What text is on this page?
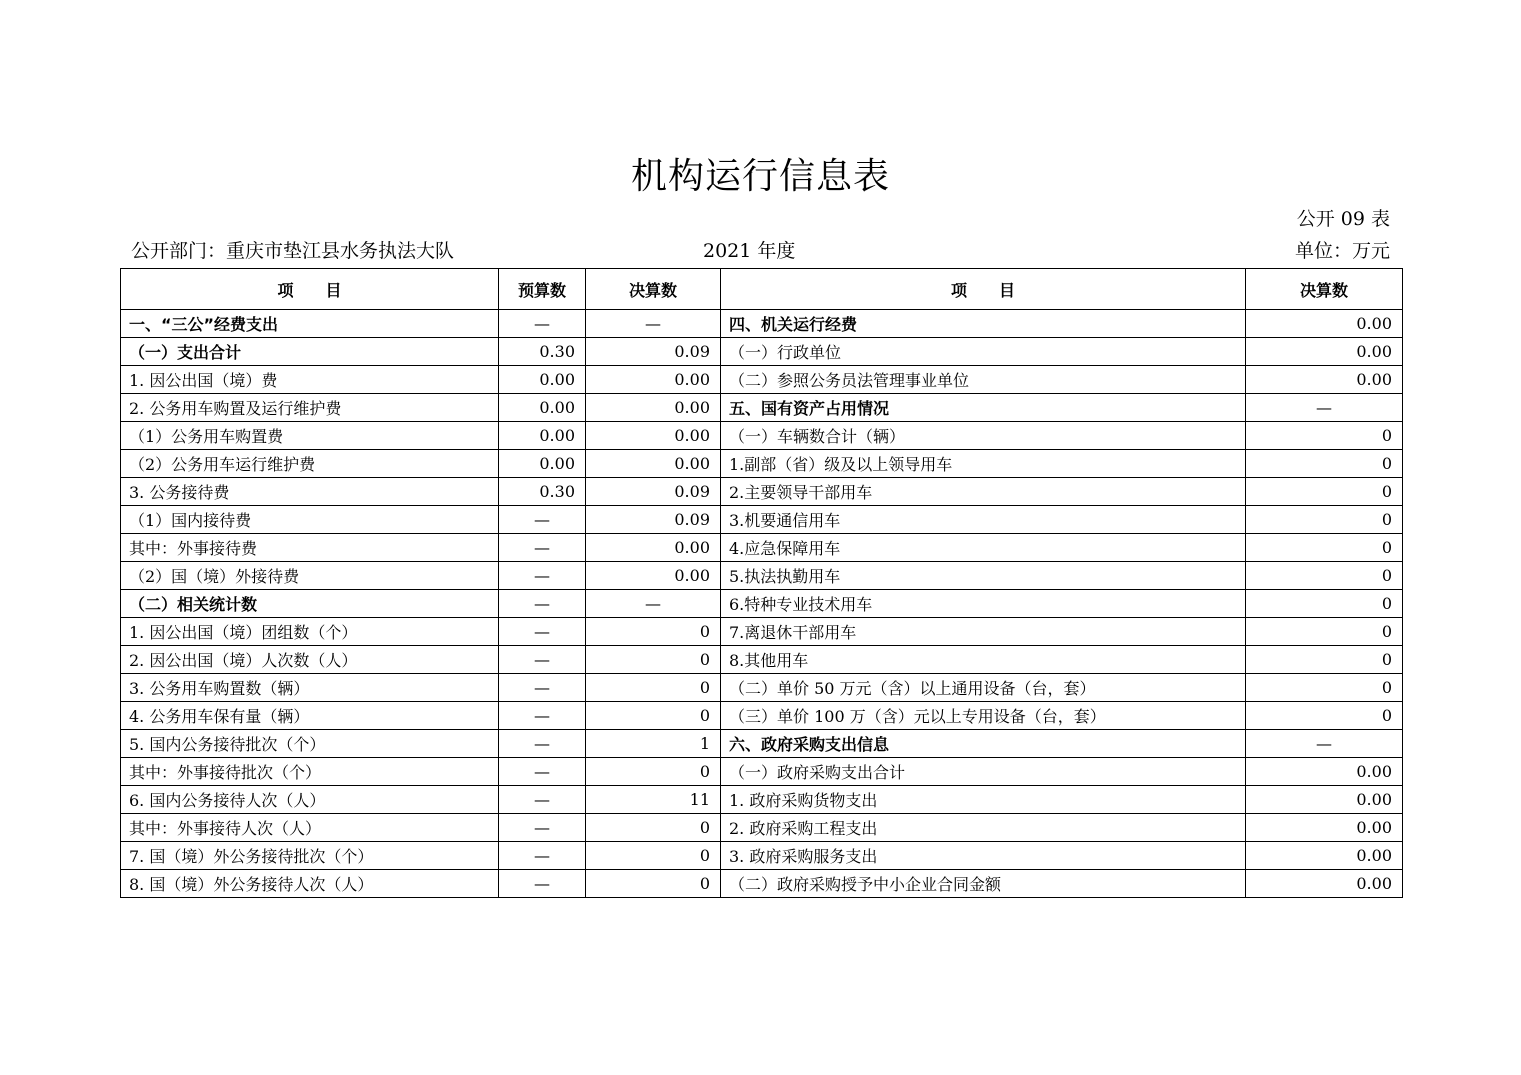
机构运行信息表
公开 09 表
公开部门：重庆市垫江县水务执法大队	2021 年度	单位：万元
项　　目	预算数	决算数	项　　目	决算数
一、“三公”经费支出	—	—	四、机关运行经费	0.00
（一）支出合计	0.30	0.09	（一）行政单位	0.00
1. 因公出国（境）费	0.00	0.00	（二）参照公务员法管理事业单位	0.00
2. 公务用车购置及运行维护费	0.00	0.00	五、国有资产占用情况	—
（1）公务用车购置费	0.00	0.00	（一）车辆数合计（辆）	0
（2）公务用车运行维护费	0.00	0.00	1.副部（省）级及以上领导用车	0
3. 公务接待费	0.30	0.09	2.主要领导干部用车	0
（1）国内接待费	—	0.09	3.机要通信用车	0
其中：外事接待费	—	0.00	4.应急保障用车	0
（2）国（境）外接待费	—	0.00	5.执法执勤用车	0
（二）相关统计数	—	—	6.特种专业技术用车	0
1. 因公出国（境）团组数（个）	—	0	7.离退休干部用车	0
2. 因公出国（境）人次数（人）	—	0	8.其他用车	0
3. 公务用车购置数（辆）	—	0	（二）单价 50 万元（含）以上通用设备（台，套）	0
4. 公务用车保有量（辆）	—	0	（三）单价 100 万（含）元以上专用设备（台，套）	0
5. 国内公务接待批次（个）	—	1	六、政府采购支出信息	—
其中：外事接待批次（个）	—	0	（一）政府采购支出合计	0.00
6. 国内公务接待人次（人）	—	11	1. 政府采购货物支出	0.00
其中：外事接待人次（人）	—	0	2. 政府采购工程支出	0.00
7. 国（境）外公务接待批次（个）	—	0	3. 政府采购服务支出	0.00
8. 国（境）外公务接待人次（人）	—	0	（二）政府采购授予中小企业合同金额	0.00
